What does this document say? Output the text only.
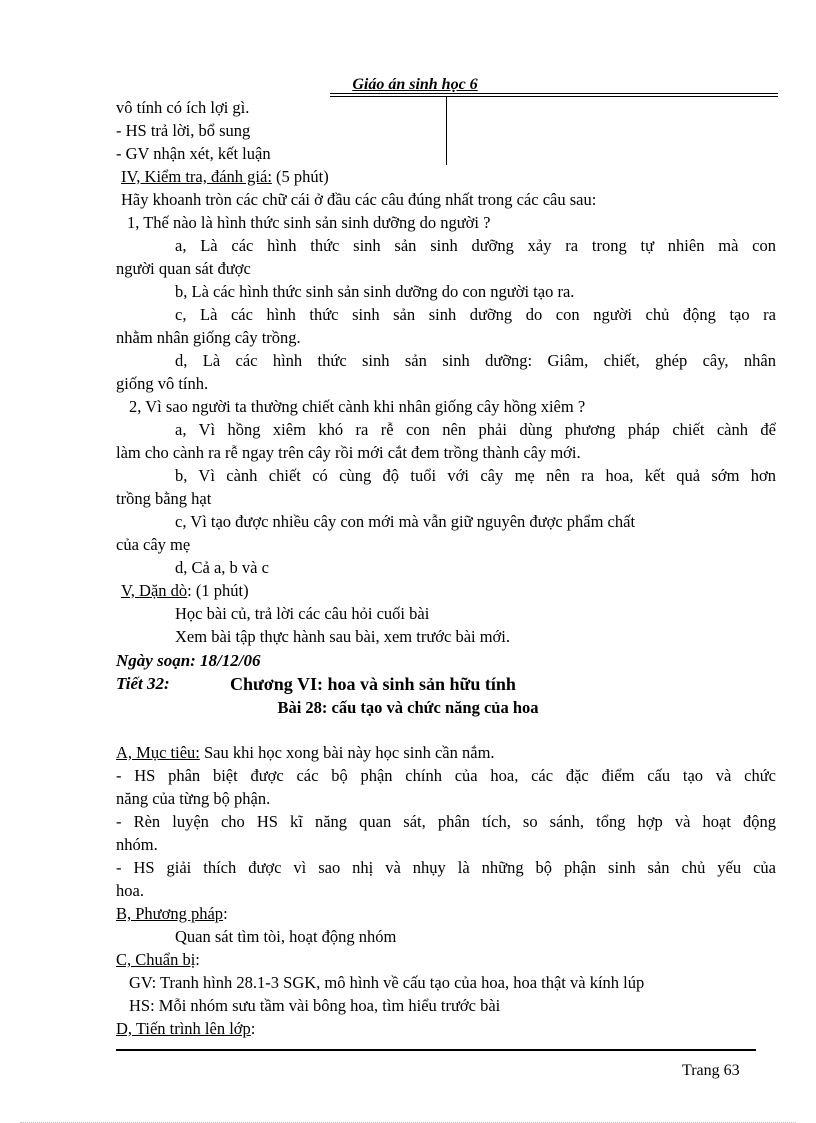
Giáo án sinh học 6
vô tính có ích lợi gì.
- HS trả lời, bổ sung
- GV nhận xét, kết luận
IV, Kiểm tra, đánh giá: (5 phút)
Hãy khoanh tròn các chữ cái ở đầu các câu đúng nhất trong các câu sau:
1, Thế nào là hình thức sinh sản sinh dưỡng do người ?
a, Là các hình thức sinh sản sinh dưỡng xảy ra trong tự nhiên mà con
người quan sát được
b, Là các hình thức sinh sản sinh dưỡng do con người tạo ra.
c, Là các hình thức sinh sản sinh dưỡng do con người chủ động tạo ra
nhằm nhân giống cây trồng.
d, Là các hình thức sinh sản sinh dưỡng: Giâm, chiết, ghép cây, nhân
giống vô tính.
2, Vì sao người ta thường chiết cành khi nhân giống cây hồng xiêm ?
a, Vì hồng xiêm khó ra rễ con nên phải dùng phương pháp chiết cành để
làm cho cành ra rễ ngay trên cây rồi mới cắt đem trồng thành cây mới.
b, Vì cành chiết có cùng độ tuổi với cây mẹ nên ra hoa, kết quả sớm hơn
trồng bằng hạt
c, Vì tạo được nhiều cây con mới mà vẫn giữ nguyên được phẩm chất
của cây mẹ
d, Cả a, b và c
V, Dặn dò: (1 phút)
Học bài củ, trả lời các câu hỏi cuối bài
Xem bài tập thực hành sau bài, xem trước bài mới.
Ngày soạn: 18/12/06
Tiết 32:	Chương VI: hoa và sinh sản hữu tính
Bài 28: cấu tạo và chức năng của hoa
A, Mục tiêu: Sau khi học xong bài này học sinh cần nắm.
- HS phân biệt được các bộ phận chính của hoa, các đặc điểm cấu tạo và chức
năng của từng bộ phận.
- Rèn luyện cho HS kĩ năng quan sát, phân tích, so sánh, tổng hợp và hoạt động
nhóm.
- HS giải thích được vì sao nhị và nhụy là những bộ phận sinh sản chủ yếu của
hoa.
B, Phương pháp:
Quan sát tìm tòi, hoạt động nhóm
C, Chuẩn bị:
GV: Tranh hình 28.1-3 SGK, mô hình về cấu tạo của hoa, hoa thật và kính lúp
HS: Mỗi nhóm sưu tầm vài bông hoa, tìm hiểu trước bài
D, Tiến trình lên lớp:
Trang 63
